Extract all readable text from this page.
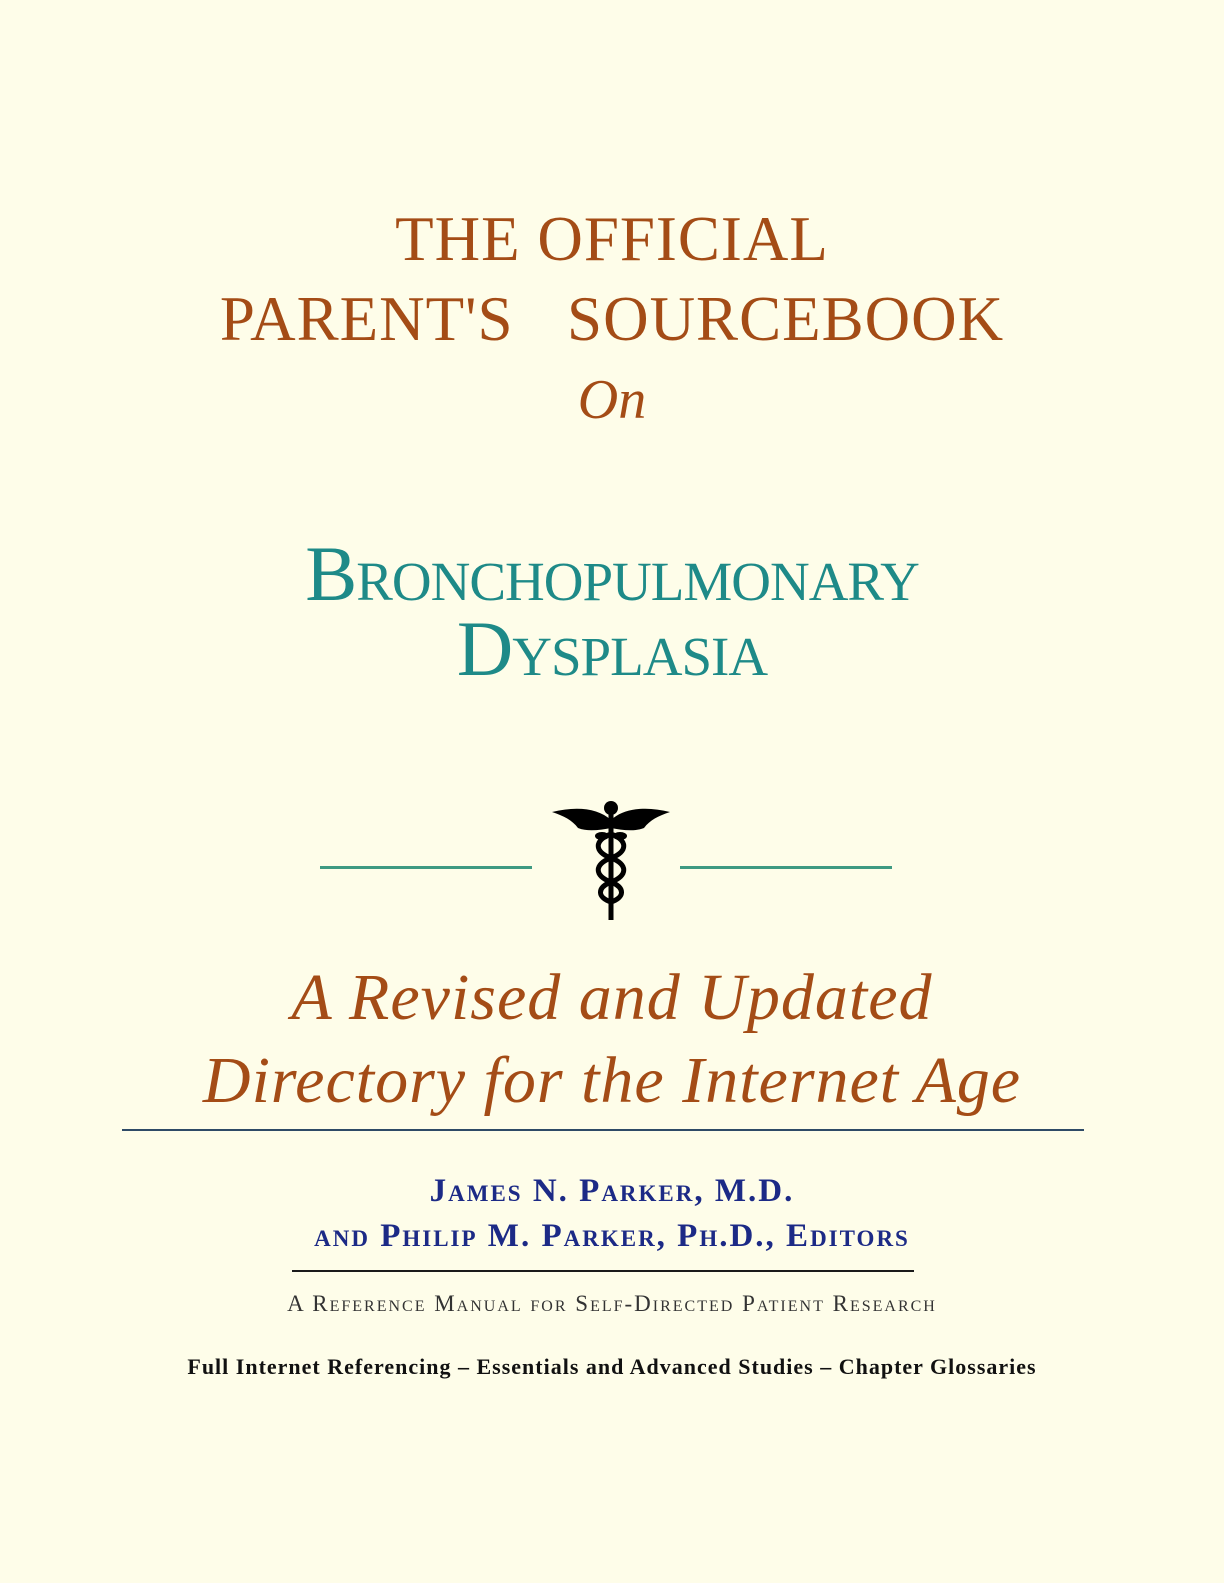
THE OFFICIAL
PARENT'S  SOURCEBOOK
On
Bronchopulmonary
Dysplasia
A Revised and Updated
Directory for the Internet Age
James N. Parker, M.D.
and Philip M. Parker, Ph.D., Editors
A Reference Manual for Self-Directed Patient Research
Full Internet Referencing – Essentials and Advanced Studies – Chapter Glossaries
